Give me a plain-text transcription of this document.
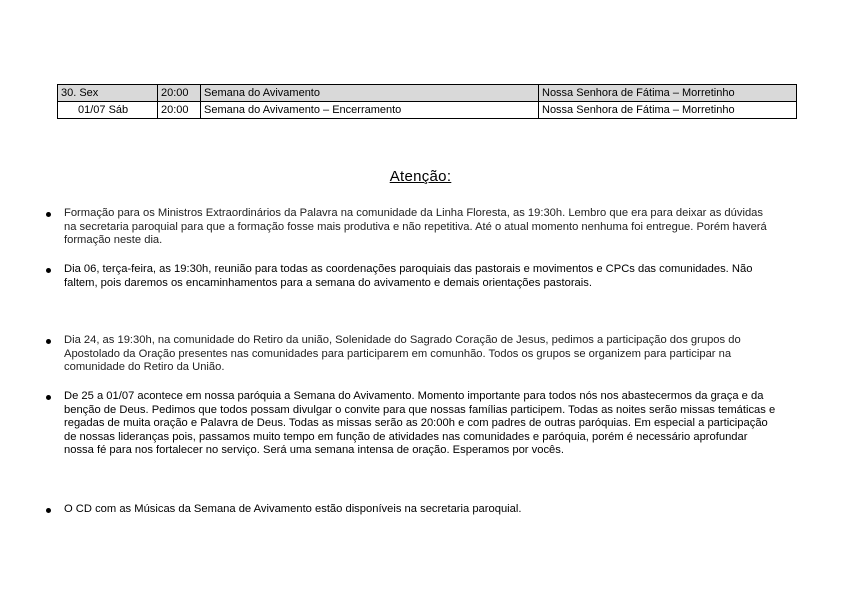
30. Sex	20:00	Semana do Avivamento	Nossa Senhora de Fátima – Morretinho
01/07 Sáb	20:00	Semana do Avivamento – Encerramento	Nossa Senhora de Fátima – Morretinho
Atenção:
Formação para os Ministros Extraordinários da Palavra na comunidade da Linha Floresta, as 19:30h. Lembro que era para deixar as dúvidas na secretaria paroquial para que a formação fosse mais produtiva e não repetitiva. Até o atual momento nenhuma foi entregue. Porém haverá formação neste dia.
Dia 06, terça-feira, as 19:30h, reunião para todas as coordenações paroquiais das pastorais e movimentos e CPCs das comunidades. Não faltem, pois daremos os encaminhamentos para a semana do avivamento e demais orientações pastorais.
Dia 24, as 19:30h, na comunidade do Retiro da união, Solenidade do Sagrado Coração de Jesus, pedimos a participação dos grupos do Apostolado da Oração presentes nas comunidades para participarem em comunhão. Todos os grupos se organizem para participar na comunidade do Retiro da União.
De 25 a 01/07 acontece em nossa paróquia a Semana do Avivamento. Momento importante para todos nós nos abastecermos da graça e da benção de Deus. Pedimos que todos possam divulgar o convite para que nossas famílias participem. Todas as noites serão missas temáticas e regadas de muita oração e Palavra de Deus. Todas as missas serão as 20:00h e com padres de outras paróquias. Em especial a participação de nossas lideranças pois, passamos muito tempo em função de atividades nas comunidades e paróquia, porém é necessário aprofundar nossa fé para nos fortalecer no serviço. Será uma semana intensa de oração. Esperamos por vocês.
O CD com as Músicas da Semana de Avivamento estão disponíveis na secretaria paroquial.
